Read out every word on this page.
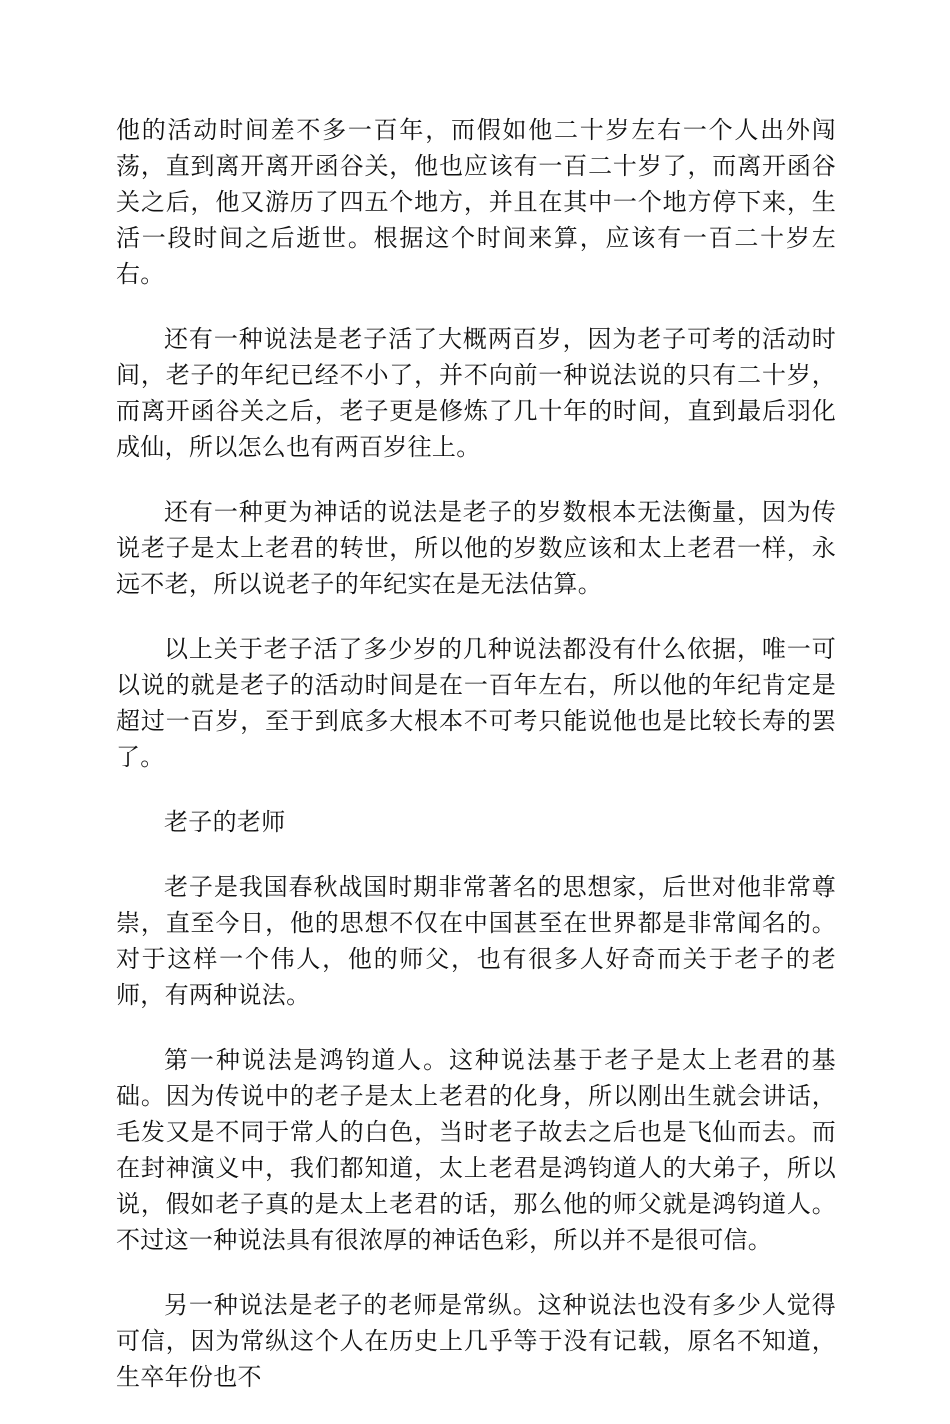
他的活动时间差不多一百年，而假如他二十岁左右一个人出外闯荡，直到离开离开函谷关，他也应该有一百二十岁了，而离开函谷关之后，他又游历了四五个地方，并且在其中一个地方停下来，生活一段时间之后逝世。根据这个时间来算，应该有一百二十岁左右。

还有一种说法是老子活了大概两百岁，因为老子可考的活动时间，老子的年纪已经不小了，并不向前一种说法说的只有二十岁，而离开函谷关之后，老子更是修炼了几十年的时间，直到最后羽化成仙，所以怎么也有两百岁往上。

还有一种更为神话的说法是老子的岁数根本无法衡量，因为传说老子是太上老君的转世，所以他的岁数应该和太上老君一样，永远不老，所以说老子的年纪实在是无法估算。

以上关于老子活了多少岁的几种说法都没有什么依据，唯一可以说的就是老子的活动时间是在一百年左右，所以他的年纪肯定是超过一百岁，至于到底多大根本不可考只能说他也是比较长寿的罢了。

老子的老师

老子是我国春秋战国时期非常著名的思想家，后世对他非常尊崇，直至今日，他的思想不仅在中国甚至在世界都是非常闻名的。对于这样一个伟人，他的师父，也有很多人好奇而关于老子的老师，有两种说法。

第一种说法是鸿钧道人。这种说法基于老子是太上老君的基础。因为传说中的老子是太上老君的化身，所以刚出生就会讲话，毛发又是不同于常人的白色，当时老子故去之后也是飞仙而去。而在封神演义中，我们都知道，太上老君是鸿钧道人的大弟子，所以说，假如老子真的是太上老君的话，那么他的师父就是鸿钧道人。不过这一种说法具有很浓厚的神话色彩，所以并不是很可信。

另一种说法是老子的老师是常纵。这种说法也没有多少人觉得可信，因为常纵这个人在历史上几乎等于没有记载，原名不知道，生卒年份也不
